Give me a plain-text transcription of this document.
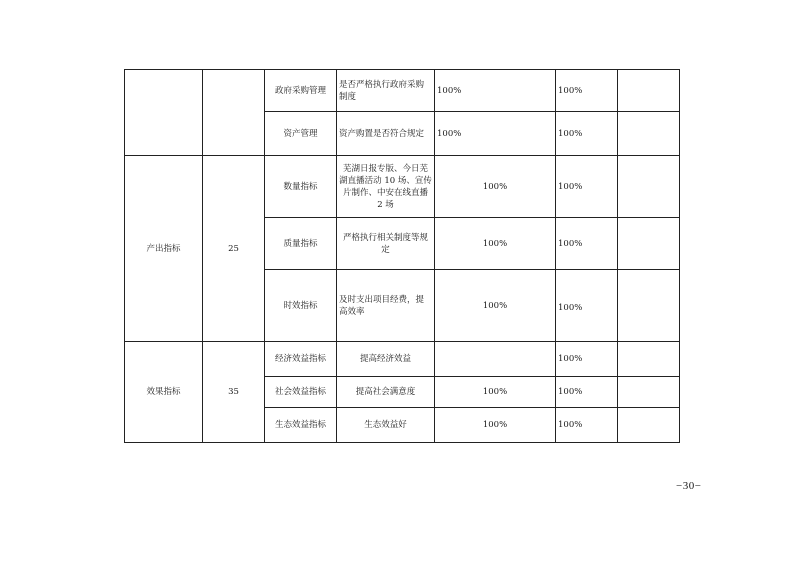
		政府采购管理	是否严格执行政府采购制度	100%	100%	
		资产管理	资产购置是否符合规定	100%	100%	
产出指标	25	数量指标	芜湖日报专版、今日芜湖直播活动 10 场、宣传片制作、中安在线直播 2 场	100%	100%	
		质量指标	严格执行相关制度等规定	100%	100%	
		时效指标	及时支出项目经费，提高效率	100%	100%	
效果指标	35	经济效益指标	提高经济效益		100%	
		社会效益指标	提高社会满意度	100%	100%	
		生态效益指标	生态效益好	100%	100%	
−30−
